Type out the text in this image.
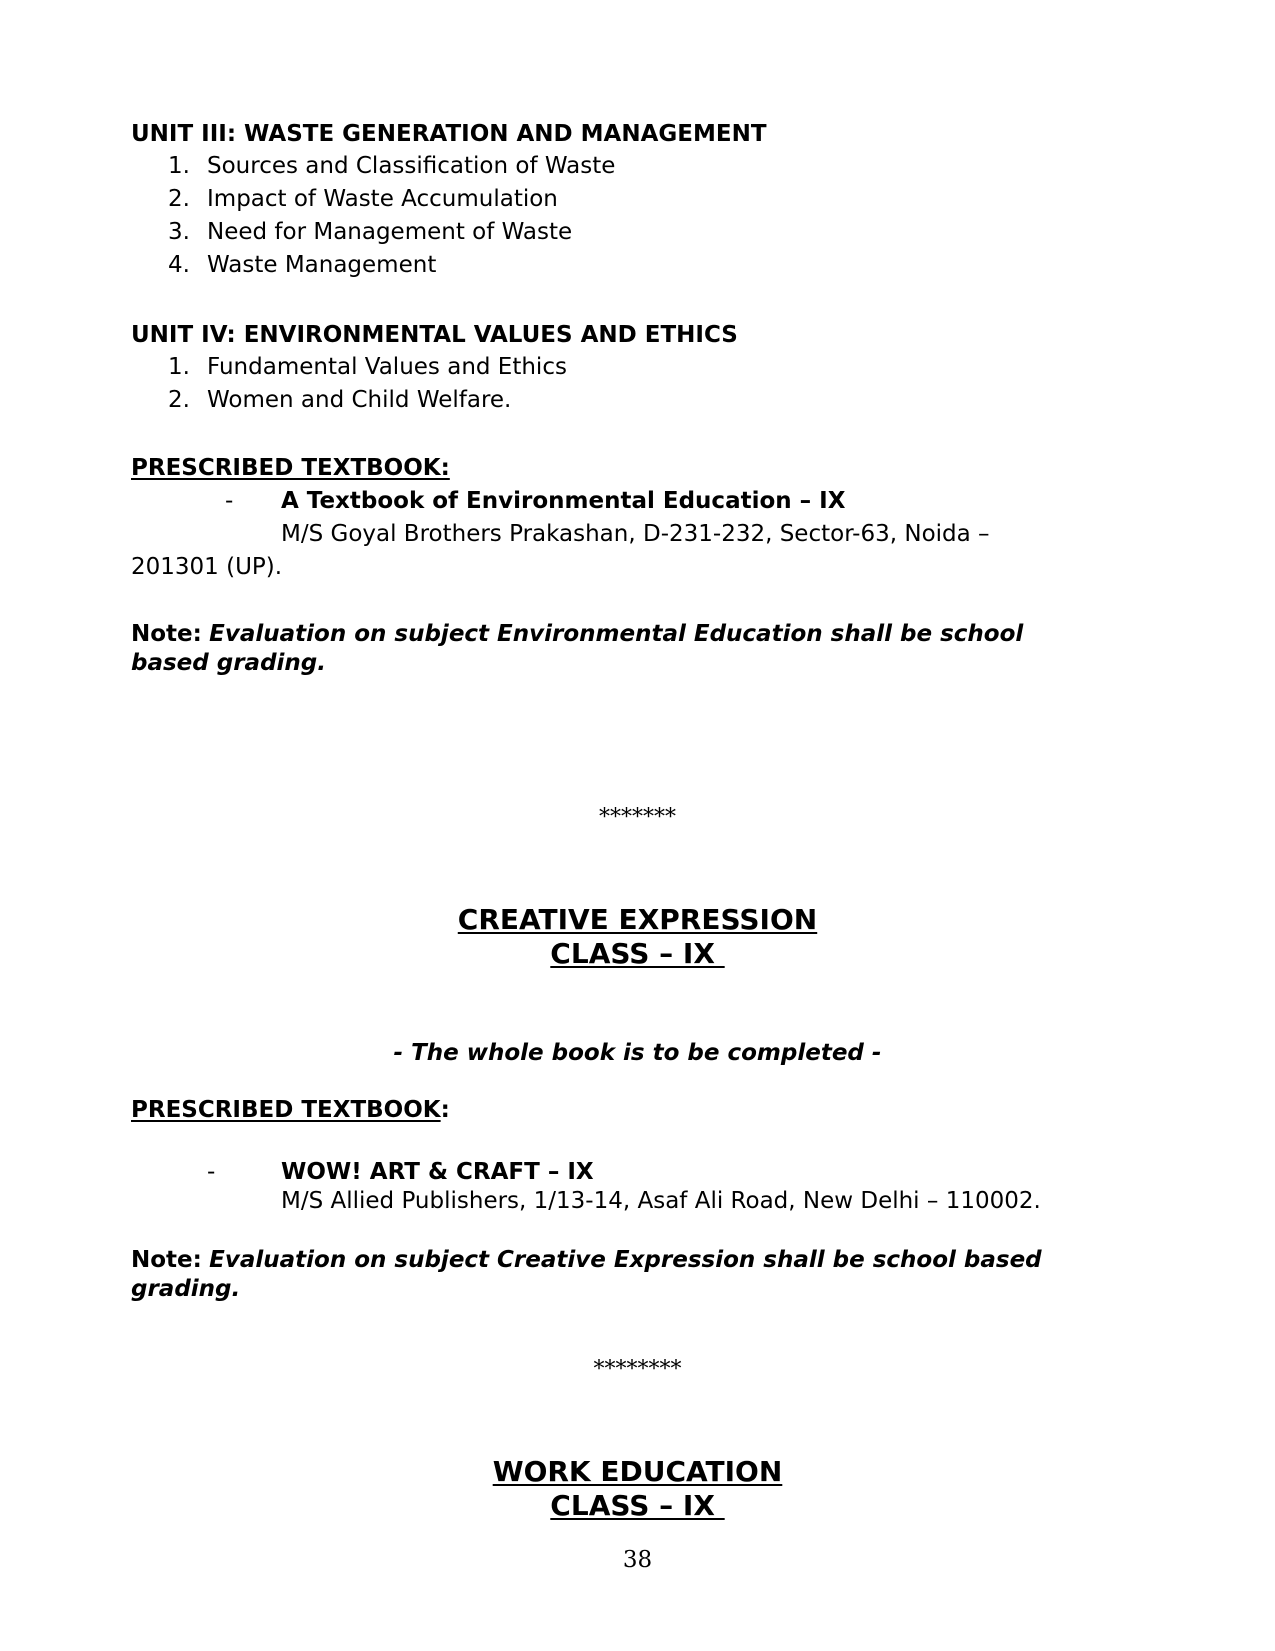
UNIT III: WASTE GENERATION AND MANAGEMENT
1. Sources and Classification of Waste
2. Impact of Waste Accumulation
3. Need for Management of Waste
4. Waste Management
UNIT IV: ENVIRONMENTAL VALUES AND ETHICS
1. Fundamental Values and Ethics
2. Women and Child Welfare.
PRESCRIBED TEXTBOOK:
- A Textbook of Environmental Education – IX
M/S Goyal Brothers Prakashan, D-231-232, Sector-63, Noida –
201301 (UP).
Note: Evaluation on subject Environmental Education shall be school
based grading.
*******
CREATIVE EXPRESSION
CLASS – IX
- The whole book is to be completed -
PRESCRIBED TEXTBOOK:
-	WOW! ART & CRAFT – IX
M/S Allied Publishers, 1/13-14, Asaf Ali Road, New Delhi – 110002.
Note: Evaluation on subject Creative Expression shall be school based
grading.
********
WORK EDUCATION
CLASS – IX
38
